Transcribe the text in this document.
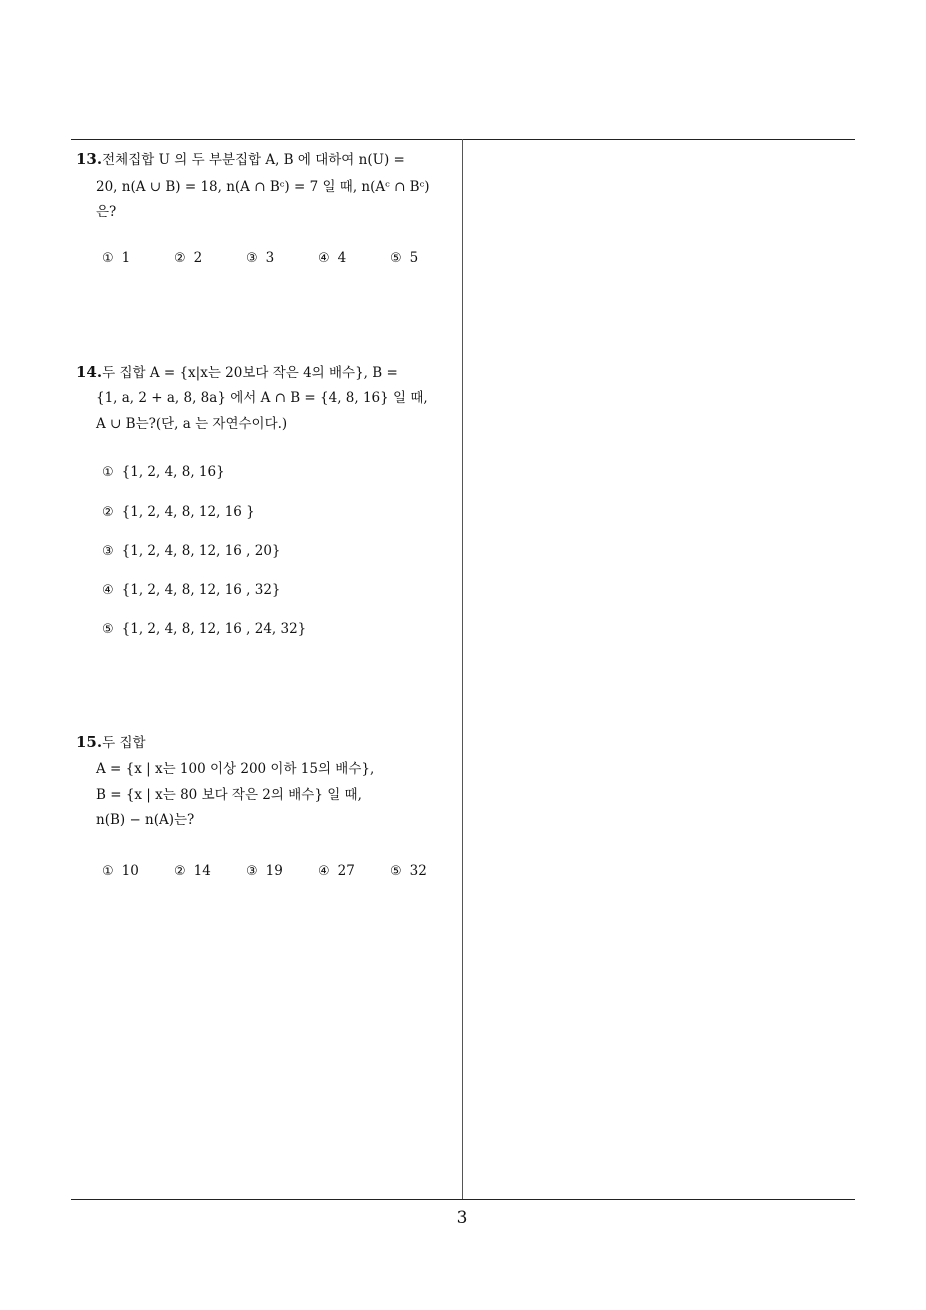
13.전체집합 U 의 두 부분집합 A, B 에 대하여 n(U) =
20, n(A ∪ B) = 18, n(A ∩ Bᶜ) = 7 일 때, n(Aᶜ ∩ Bᶜ)
은?
① 1	② 2	③ 3	④ 4	⑤ 5
14.두 집합 A = {x|x는 20보다 작은 4의 배수}, B =
{1, a, 2 + a, 8, 8a} 에서 A ∩ B = {4, 8, 16} 일 때,
A ∪ B는?(단, a 는 자연수이다.)
① {1, 2, 4, 8, 16}
② {1, 2, 4, 8, 12, 16 }
③ {1, 2, 4, 8, 12, 16 , 20}
④ {1, 2, 4, 8, 12, 16 , 32}
⑤ {1, 2, 4, 8, 12, 16 , 24, 32}
15.두 집합
A = {x | x는 100 이상 200 이하 15의 배수},
B = {x | x는 80 보다 작은 2의 배수} 일 때,
n(B) − n(A)는?
① 10	② 14	③ 19	④ 27	⑤ 32
3
